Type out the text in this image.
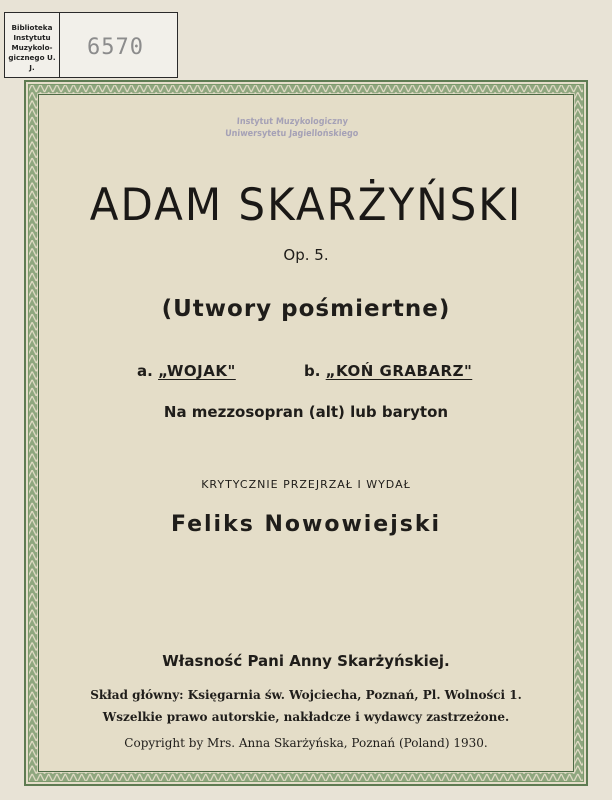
Biblioteka
Instytutu
Muzykolo-
gicznego U. J.
6570
Instytut Muzykologiczny
Uniwersytetu Jagiellońskiego
ADAM SKARŻYŃSKI
Op. 5.
(Utwory pośmiertne)
a. „WOJAK"	b. „KOŃ GRABARZ"
Na mezzosopran (alt) lub baryton
KRYTYCZNIE PRZEJRZAŁ I WYDAŁ
Feliks Nowowiejski
Własność Pani Anny Skarżyńskiej.
Skład główny: Księgarnia św. Wojciecha, Poznań, Pl. Wolności 1.
Wszelkie prawo autorskie, nakładcze i wydawcy zastrzeżone.
Copyright by Mrs. Anna Skarżyńska, Poznań (Poland) 1930.
